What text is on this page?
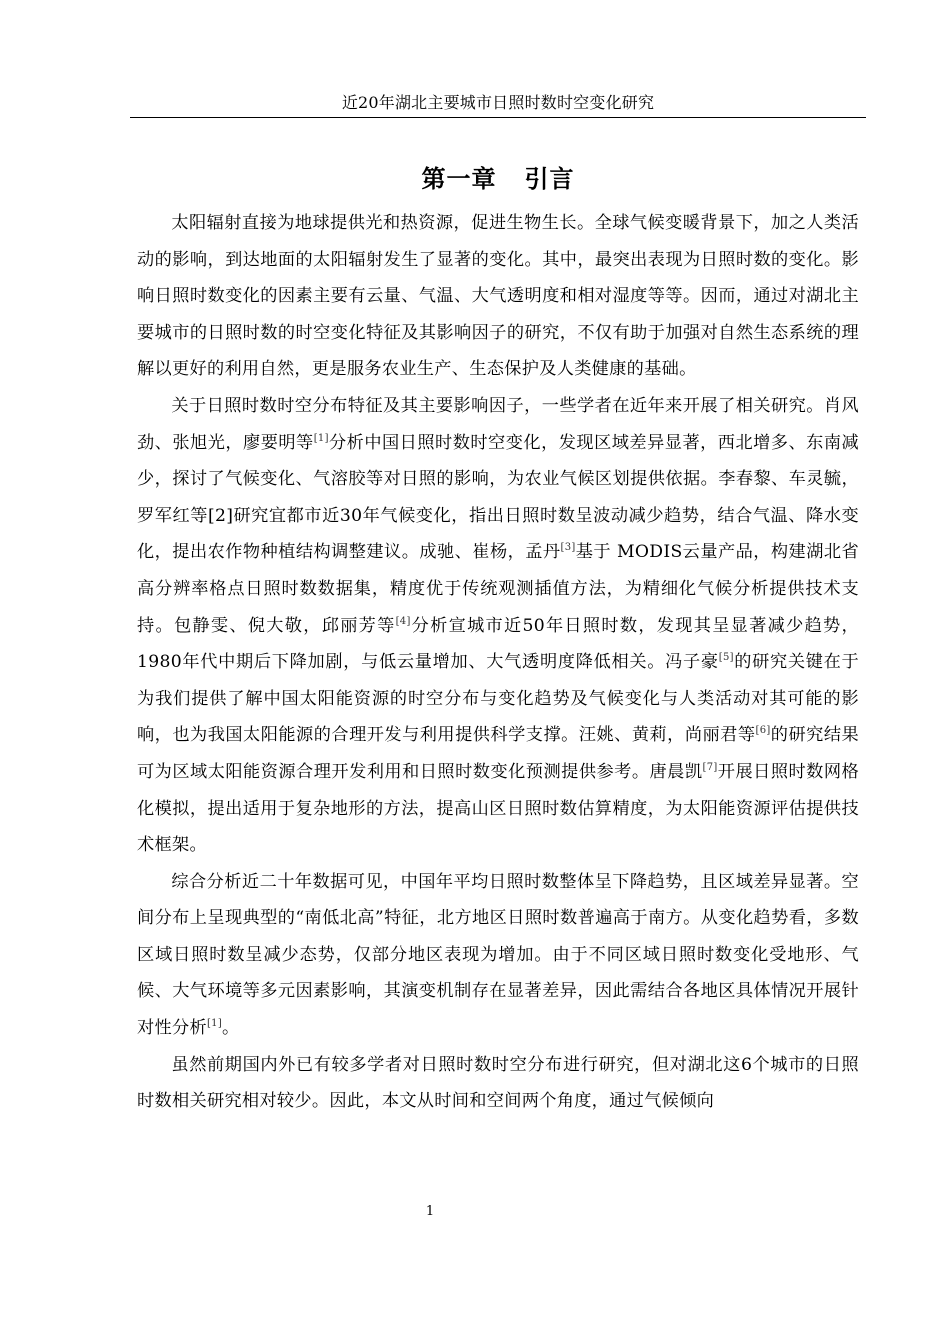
近20年湖北主要城市日照时数时空变化研究
第一章 引言

太阳辐射直接为地球提供光和热资源，促进生物生长。全球气候变暖背景下，加之人类活动的影响，到达地面的太阳辐射发生了显著的变化。其中，最突出表现为日照时数的变化。影响日照时数变化的因素主要有云量、气温、大气透明度和相对湿度等等。因而，通过对湖北主要城市的日照时数的时空变化特征及其影响因子的研究，不仅有助于加强对自然生态系统的理解以更好的利用自然，更是服务农业生产、生态保护及人类健康的基础。

关于日照时数时空分布特征及其主要影响因子，一些学者在近年来开展了相关研究。肖风劲、张旭光，廖要明等[1]分析中国日照时数时空变化，发现区域差异显著，西北增多、东南减少，探讨了气候变化、气溶胶等对日照的影响，为农业气候区划提供依据。李春黎、车灵毓，罗军红等[2]研究宜都市近30年气候变化，指出日照时数呈波动减少趋势，结合气温、降水变化，提出农作物种植结构调整建议。成驰、崔杨，孟丹[3]基于 MODIS云量产品，构建湖北省高分辨率格点日照时数数据集，精度优于传统观测插值方法，为精细化气候分析提供技术支持。包静雯、倪大敬，邱丽芳等[4]分析宣城市近50年日照时数，发现其呈显著减少趋势，1980年代中期后下降加剧，与低云量增加、大气透明度降低相关。冯子豪[5]的研究关键在于为我们提供了解中国太阳能资源的时空分布与变化趋势及气候变化与人类活动对其可能的影响，也为我国太阳能源的合理开发与利用提供科学支撑。汪姚、黄莉，尚丽君等[6]的研究结果可为区域太阳能资源合理开发利用和日照时数变化预测提供参考。唐晨凯[7]开展日照时数网格化模拟，提出适用于复杂地形的方法，提高山区日照时数估算精度，为太阳能资源评估提供技术框架。

综合分析近二十年数据可见，中国年平均日照时数整体呈下降趋势，且区域差异显著。空间分布上呈现典型的“南低北高”特征，北方地区日照时数普遍高于南方。从变化趋势看，多数区域日照时数呈减少态势，仅部分地区表现为增加。由于不同区域日照时数变化受地形、气候、大气环境等多元因素影响，其演变机制存在显著差异，因此需结合各地区具体情况开展针对性分析[1]。

虽然前期国内外已有较多学者对日照时数时空分布进行研究，但对湖北这6个城市的日照时数相关研究相对较少。因此，本文从时间和空间两个角度，通过气候倾向

1
